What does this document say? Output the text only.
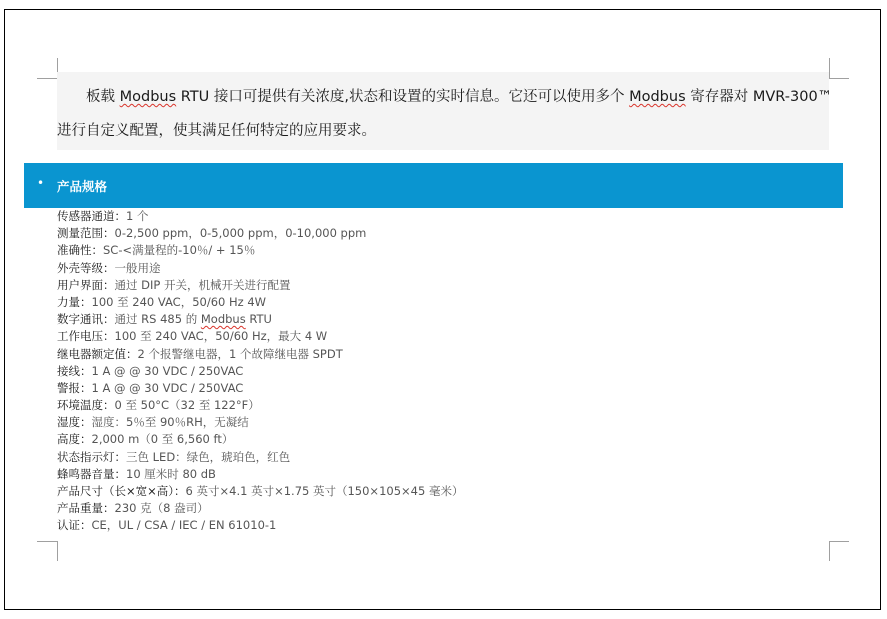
板载 Modbus RTU 接口可提供有关浓度,状态和设置的实时信息。它还可以使用多个 Modbus 寄存器对 MVR-300™
进行自定义配置，使其满足任何特定的应用要求。
• 产品规格
传感器通道：1 个
测量范围：0-2,500 ppm，0-5,000 ppm，0-10,000 ppm
准确性：SC-<满量程的-10％/ + 15％
外壳等级：一般用途
用户界面：通过 DIP 开关，机械开关进行配置
力量：100 至 240 VAC，50/60 Hz 4W
数字通讯：通过 RS 485 的 Modbus RTU
工作电压：100 至 240 VAC，50/60 Hz，最大 4 W
继电器额定值：2 个报警继电器，1 个故障继电器 SPDT
接线：1 A @ @ 30 VDC / 250VAC
警报：1 A @ @ 30 VDC / 250VAC
环境温度：0 至 50°C（32 至 122°F）
湿度：湿度：5％至 90％RH，无凝结
高度：2,000 m（0 至 6,560 ft）
状态指示灯：三色 LED：绿色，琥珀色，红色
蜂鸣器音量：10 厘米时 80 dB
产品尺寸（长×宽×高）：6 英寸×4.1 英寸×1.75 英寸（150×105×45 毫米）
产品重量：230 克（8 盎司）
认证：CE，UL / CSA / IEC / EN 61010-1
